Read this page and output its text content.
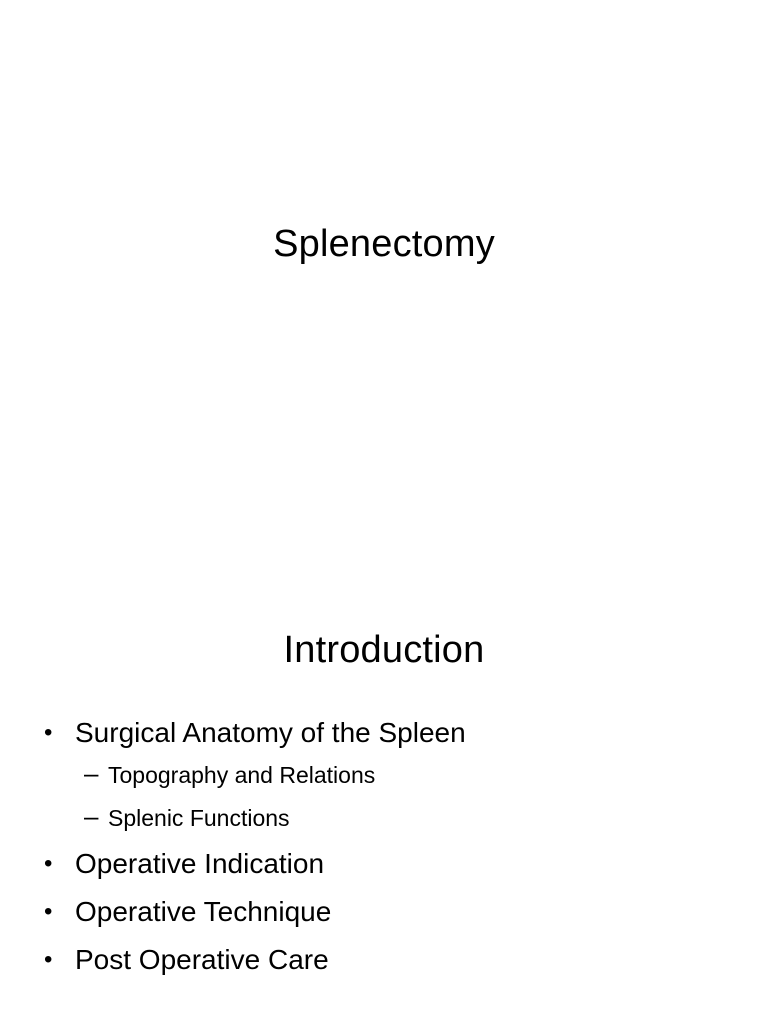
Splenectomy
Introduction
• Surgical Anatomy of the Spleen
– Topography and Relations
– Splenic Functions
• Operative Indication
• Operative Technique
• Post Operative Care
